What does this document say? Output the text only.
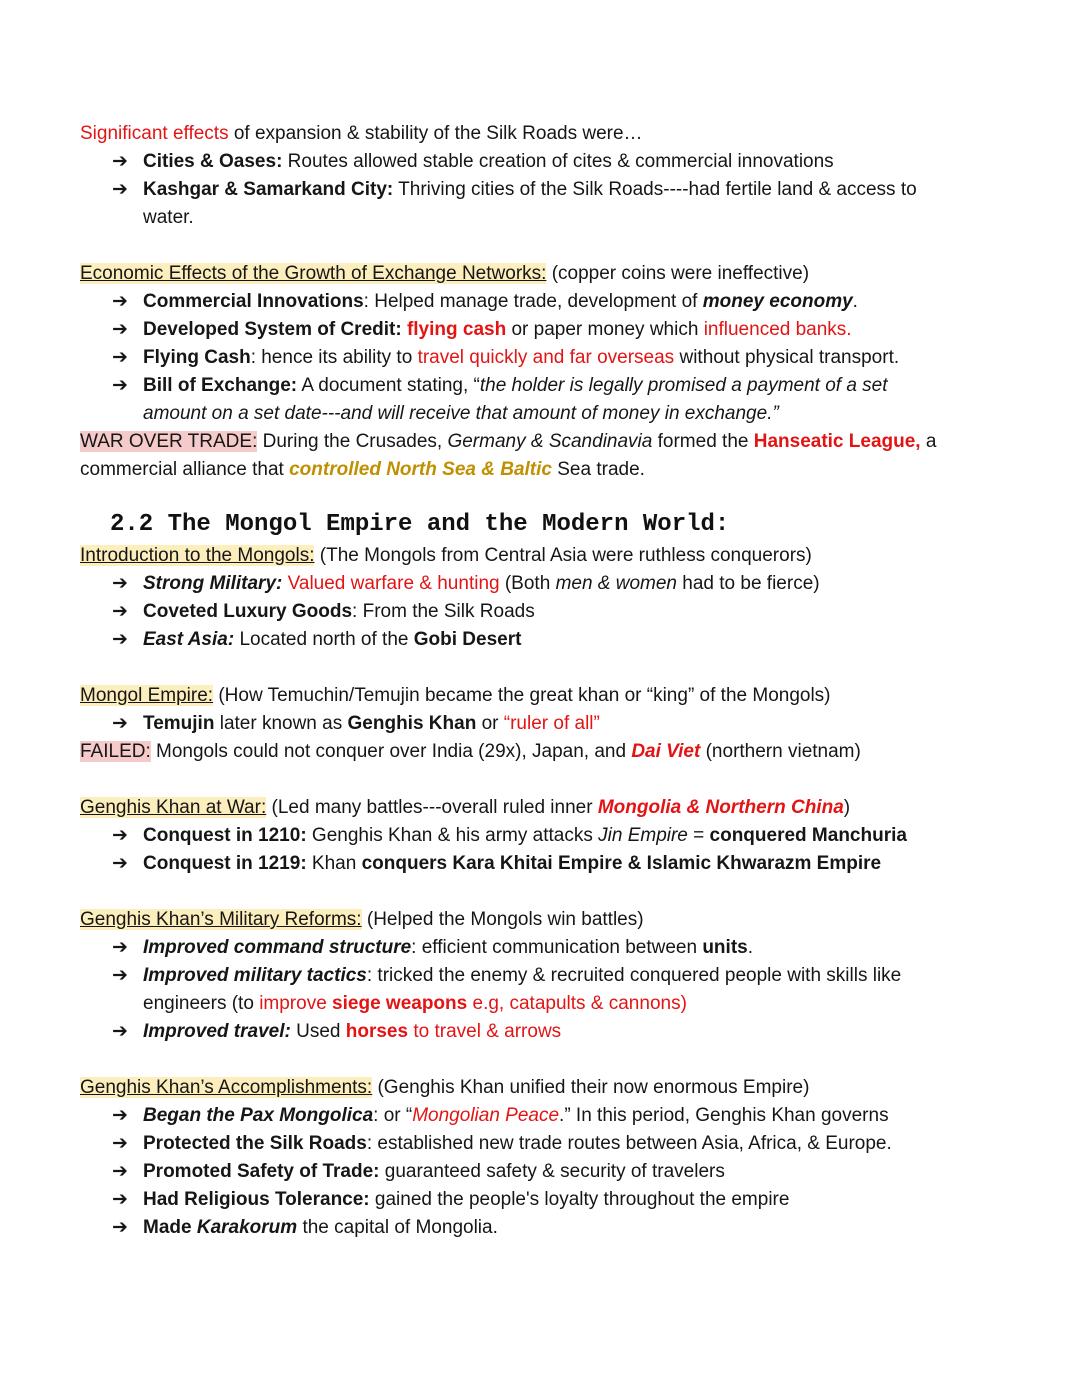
Significant effects of expansion & stability of the Silk Roads were…

➔ Cities & Oases: Routes allowed stable creation of cites & commercial innovations
➔ Kashgar & Samarkand City: Thriving cities of the Silk Roads----had fertile land & access to water.

Economic Effects of the Growth of Exchange Networks: (copper coins were ineffective)

➔ Commercial Innovations: Helped manage trade, development of money economy.
➔ Developed System of Credit: flying cash or paper money which influenced banks.
➔ Flying Cash: hence its ability to travel quickly and far overseas without physical transport.
➔ Bill of Exchange: A document stating, “the holder is legally promised a payment of a set amount on a set date---and will receive that amount of money in exchange.”

WAR OVER TRADE: During the Crusades, Germany & Scandinavia formed the Hanseatic League, a commercial alliance that controlled North Sea & Baltic Sea trade.

2.2 The Mongol Empire and the Modern World:

Introduction to the Mongols: (The Mongols from Central Asia were ruthless conquerors)

➔ Strong Military: Valued warfare & hunting (Both men & women had to be fierce)
➔ Coveted Luxury Goods: From the Silk Roads
➔ East Asia: Located north of the Gobi Desert

Mongol Empire: (How Temuchin/Temujin became the great khan or “king” of the Mongols)

➔ Temujin later known as Genghis Khan or “ruler of all”

FAILED: Mongols could not conquer over India (29x), Japan, and Dai Viet (northern vietnam)

Genghis Khan at War: (Led many battles---overall ruled inner Mongolia & Northern China)

➔ Conquest in 1210: Genghis Khan & his army attacks Jin Empire = conquered Manchuria
➔ Conquest in 1219: Khan conquers Kara Khitai Empire & Islamic Khwarazm Empire

Genghis Khan’s Military Reforms: (Helped the Mongols win battles)

➔ Improved command structure: efficient communication between units.
➔ Improved military tactics: tricked the enemy & recruited conquered people with skills like engineers (to improve siege weapons e.g, catapults & cannons)
➔ Improved travel: Used horses to travel & arrows

Genghis Khan’s Accomplishments: (Genghis Khan unified their now enormous Empire)

➔ Began the Pax Mongolica: or “Mongolian Peace.” In this period, Genghis Khan governs
➔ Protected the Silk Roads: established new trade routes between Asia, Africa, & Europe.
➔ Promoted Safety of Trade: guaranteed safety & security of travelers
➔ Had Religious Tolerance: gained the people's loyalty throughout the empire
➔ Made Karakorum the capital of Mongolia.
